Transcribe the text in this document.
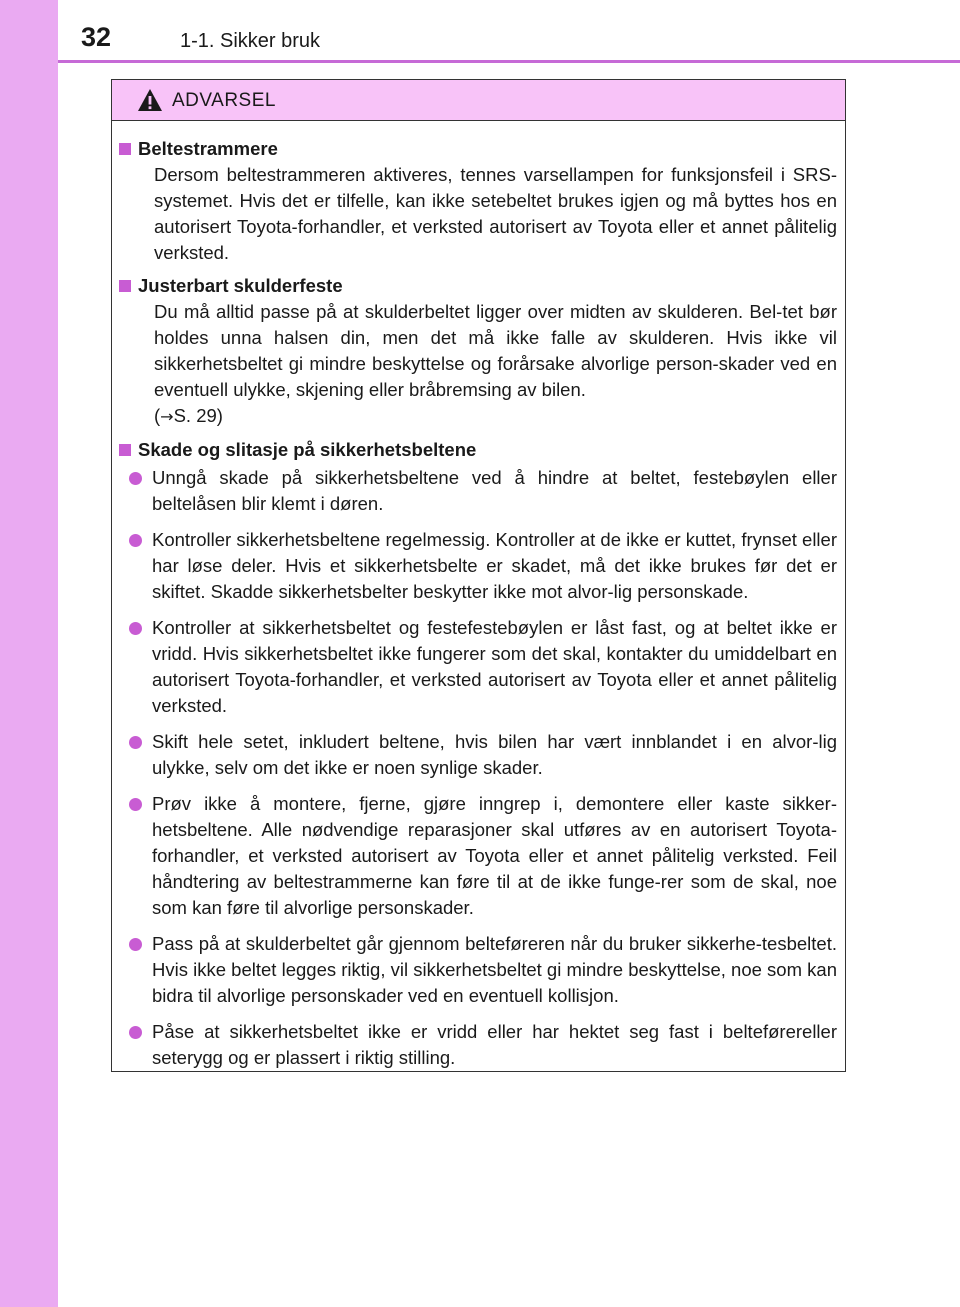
32	1-1. Sikker bruk
ADVARSEL
Beltestrammere

Dersom beltestrammeren aktiveres, tennes varsellampen for funksjonsfeil i SRS-systemet. Hvis det er tilfelle, kan ikke setebeltet brukes igjen og må byttes hos en autorisert Toyota-forhandler, et verksted autorisert av Toyota eller et annet pålitelig verksted.

Justerbart skulderfeste

Du må alltid passe på at skulderbeltet ligger over midten av skulderen. Bel-tet bør holdes unna halsen din, men det må ikke falle av skulderen. Hvis ikke vil sikkerhetsbeltet gi mindre beskyttelse og forårsake alvorlige person-skader ved en eventuell ulykke, skjening eller bråbremsing av bilen.
(→S. 29)

Skade og slitasje på sikkerhetsbeltene
Unngå skade på sikkerhetsbeltene ved å hindre at beltet, festebøylen eller beltelåsen blir klemt i døren.
Kontroller sikkerhetsbeltene regelmessig. Kontroller at de ikke er kuttet, frynset eller har løse deler. Hvis et sikkerhetsbelte er skadet, må det ikke brukes før det er skiftet. Skadde sikkerhetsbelter beskytter ikke mot alvor-lig personskade.
Kontroller at sikkerhetsbeltet og festefestebøylen er låst fast, og at beltet ikke er vridd. Hvis sikkerhetsbeltet ikke fungerer som det skal, kontakter du umiddelbart en autorisert Toyota-forhandler, et verksted autorisert av Toyota eller et annet pålitelig verksted.
Skift hele setet, inkludert beltene, hvis bilen har vært innblandet i en alvor-lig ulykke, selv om det ikke er noen synlige skader.
Prøv ikke å montere, fjerne, gjøre inngrep i, demontere eller kaste sikker-hetsbeltene. Alle nødvendige reparasjoner skal utføres av en autorisert Toyota-forhandler, et verksted autorisert av Toyota eller et annet pålitelig verksted. Feil håndtering av beltestrammerne kan føre til at de ikke funge-rer som de skal, noe som kan føre til alvorlige personskader.
Pass på at skulderbeltet går gjennom belteføreren når du bruker sikkerhe-tesbeltet. Hvis ikke beltet legges riktig, vil sikkerhetsbeltet gi mindre beskyttelse, noe som kan bidra til alvorlige personskader ved en eventuell kollisjon.
Påse at sikkerhetsbeltet ikke er vridd eller har hektet seg fast i belteførereller seterygg og er plassert i riktig stilling.
